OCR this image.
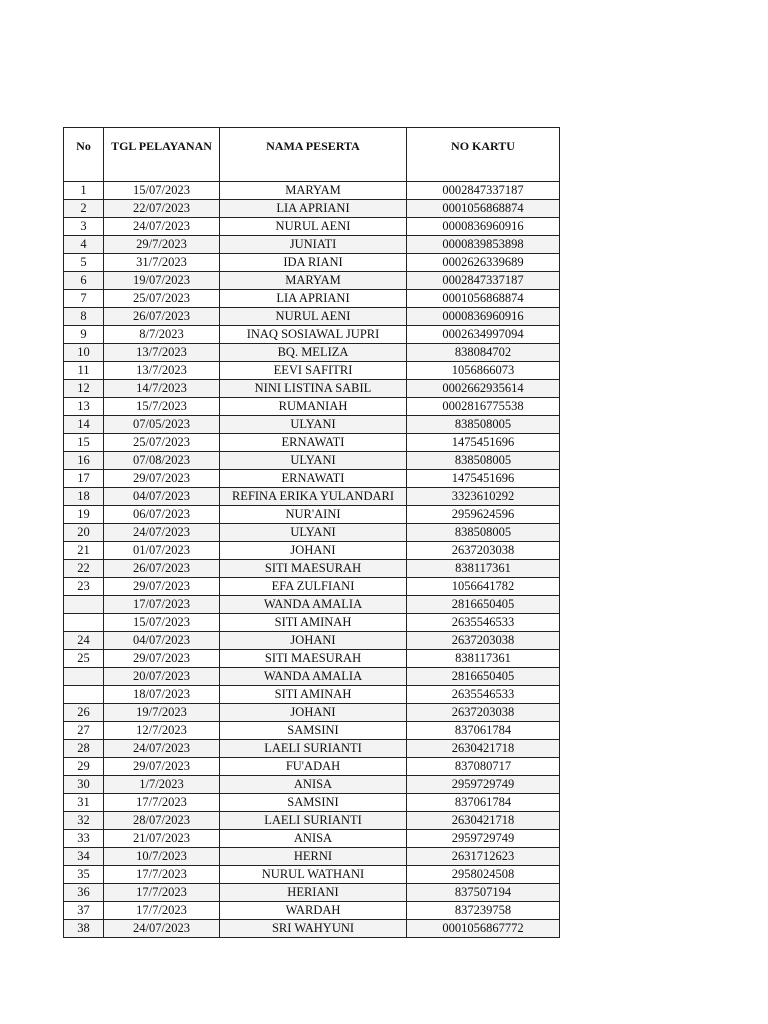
No	TGL PELAYANAN	NAMA PESERTA	NO KARTU
1	15/07/2023	MARYAM	0002847337187
2	22/07/2023	LIA APRIANI	0001056868874
3	24/07/2023	NURUL AENI	0000836960916
4	29/7/2023	JUNIATI	0000839853898
5	31/7/2023	IDA RIANI	0002626339689
6	19/07/2023	MARYAM	0002847337187
7	25/07/2023	LIA APRIANI	0001056868874
8	26/07/2023	NURUL AENI	0000836960916
9	8/7/2023	INAQ SOSIAWAL JUPRI	0002634997094
10	13/7/2023	BQ. MELIZA	838084702
11	13/7/2023	EEVI SAFITRI	1056866073
12	14/7/2023	NINI LISTINA SABIL	0002662935614
13	15/7/2023	RUMANIAH	0002816775538
14	07/05/2023	ULYANI	838508005
15	25/07/2023	ERNAWATI	1475451696
16	07/08/2023	ULYANI	838508005
17	29/07/2023	ERNAWATI	1475451696
18	04/07/2023	REFINA ERIKA YULANDARI	3323610292
19	06/07/2023	NUR'AINI	2959624596
20	24/07/2023	ULYANI	838508005
21	01/07/2023	JOHANI	2637203038
22	26/07/2023	SITI MAESURAH	838117361
23	29/07/2023	EFA ZULFIANI	1056641782
	17/07/2023	WANDA AMALIA	2816650405
	15/07/2023	SITI AMINAH	2635546533
24	04/07/2023	JOHANI	2637203038
25	29/07/2023	SITI MAESURAH	838117361
	20/07/2023	WANDA AMALIA	2816650405
	18/07/2023	SITI AMINAH	2635546533
26	19/7/2023	JOHANI	2637203038
27	12/7/2023	SAMSINI	837061784
28	24/07/2023	LAELI SURIANTI	2630421718
29	29/07/2023	FU'ADAH	837080717
30	1/7/2023	ANISA	2959729749
31	17/7/2023	SAMSINI	837061784
32	28/07/2023	LAELI SURIANTI	2630421718
33	21/07/2023	ANISA	2959729749
34	10/7/2023	HERNI	2631712623
35	17/7/2023	NURUL WATHANI	2958024508
36	17/7/2023	HERIANI	837507194
37	17/7/2023	WARDAH	837239758
38	24/07/2023	SRI WAHYUNI	0001056867772
